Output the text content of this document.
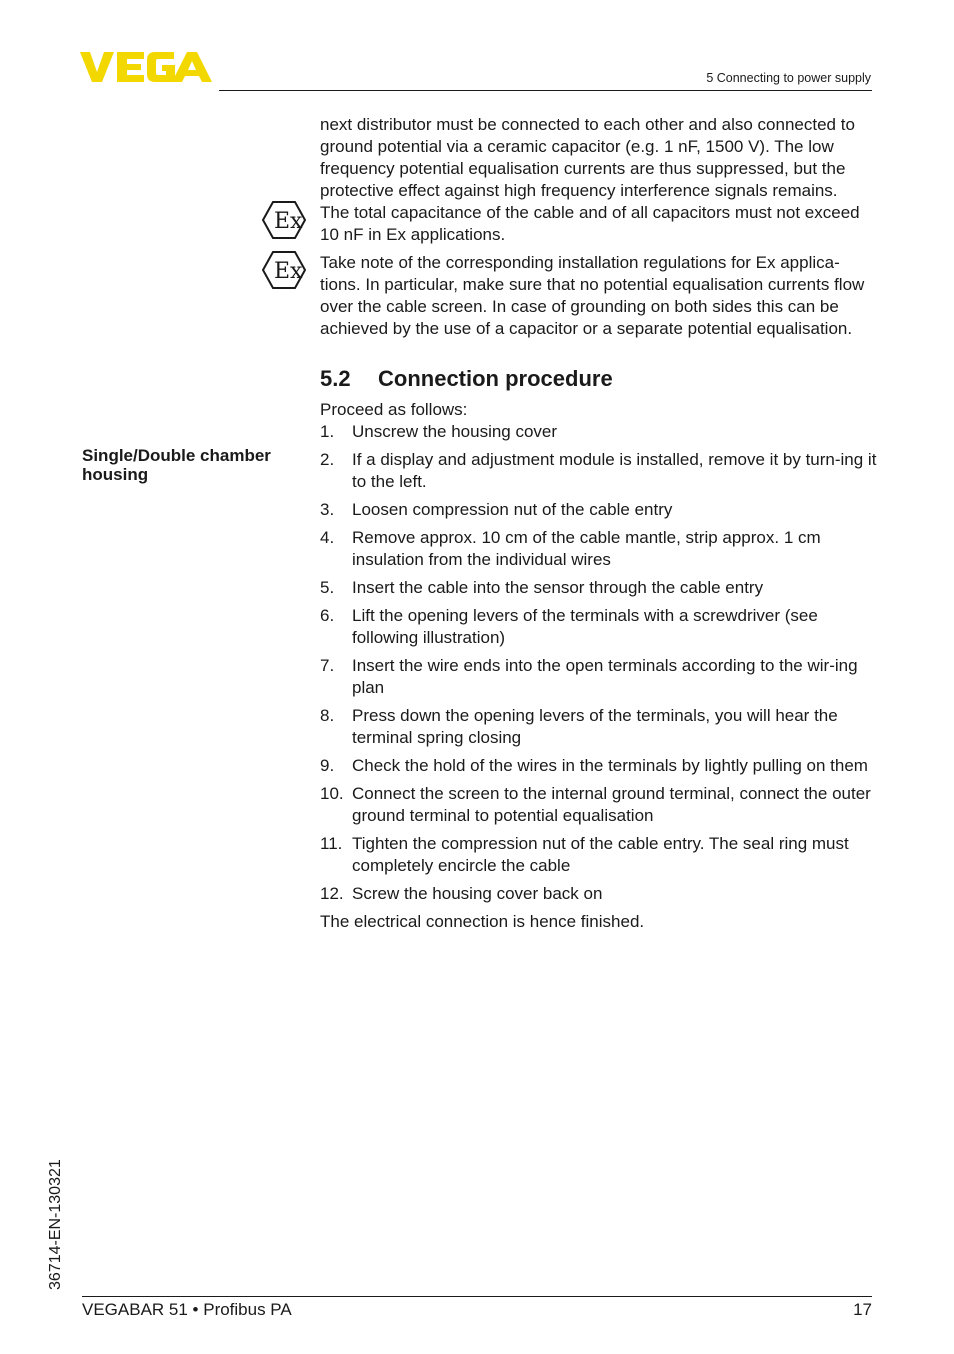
5 Connecting to power supply
Single/Double chamber housing

next distributor must be connected to each other and also connected to ground potential via a ceramic capacitor (e.g. 1 nF, 1500 V). The low frequency potential equalisation currents are thus suppressed, but the protective effect against high frequency interference signals remains.

Ex The total capacitance of the cable and of all capacitors must not exceed 10 nF in Ex applications.

Ex Take note of the corresponding installation regulations for Ex applica-tions. In particular, make sure that no potential equalisation currents flow over the cable screen. In case of grounding on both sides this can be achieved by the use of a capacitor or a separate potential equalisation.

5.2 Connection procedure

Proceed as follows:

1. Unscrew the housing cover
2. If a display and adjustment module is installed, remove it by turn-ing it to the left.
3. Loosen compression nut of the cable entry
4. Remove approx. 10 cm of the cable mantle, strip approx. 1 cm insulation from the individual wires
5. Insert the cable into the sensor through the cable entry
6. Lift the opening levers of the terminals with a screwdriver (see following illustration)
7. Insert the wire ends into the open terminals according to the wir-ing plan
8. Press down the opening levers of the terminals, you will hear the terminal spring closing
9. Check the hold of the wires in the terminals by lightly pulling on them
10. Connect the screen to the internal ground terminal, connect the outer ground terminal to potential equalisation
11. Tighten the compression nut of the cable entry. The seal ring must completely encircle the cable
12. Screw the housing cover back on

The electrical connection is hence finished.

36714-EN-130321
VEGABAR 51 • Profibus PA	17
